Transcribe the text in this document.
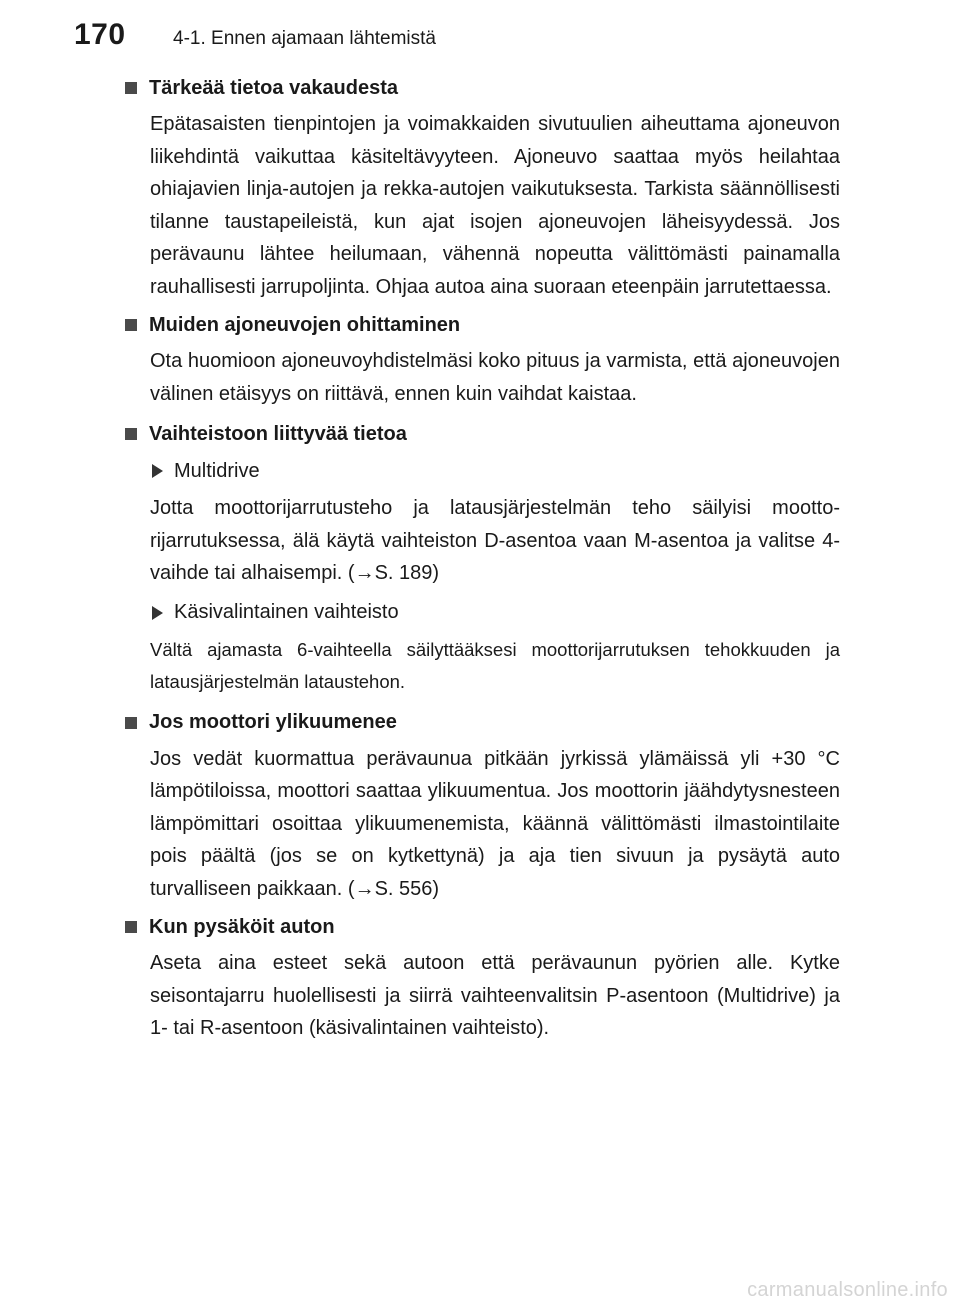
170 4-1. Ennen ajamaan lähtemistä
Tärkeää tietoa vakaudesta

Epätasaisten tienpintojen ja voimakkaiden sivutuulien aiheuttama ajoneuvon liikehdintä vaikuttaa käsiteltävyyteen. Ajoneuvo saattaa myös heilahtaa ohiajavien linja-autojen ja rekka-autojen vaikutuksesta. Tarkista säännöllisesti tilanne taustapeileistä, kun ajat isojen ajoneuvojen läheisyydessä. Jos perävaunu lähtee heilumaan, vähennä nopeutta välittömästi painamalla rauhallisesti jarrupoljinta. Ohjaa autoa aina suoraan eteenpäin jarrutettaessa.

Muiden ajoneuvojen ohittaminen

Ota huomioon ajoneuvoyhdistelmäsi koko pituus ja varmista, että ajoneuvojen välinen etäisyys on riittävä, ennen kuin vaihdat kaistaa.

Vaihteistoon liittyvää tietoa
Multidrive

Jotta moottorijarrutusteho ja latausjärjestelmän teho säilyisi moottorijarrutuksessa, älä käytä vaihteiston D-asentoa vaan M-asentoa ja valitse 4-vaihde tai alhaisempi. (→S. 189)

Käsivalintainen vaihteisto

Vältä ajamasta 6-vaihteella säilyttääksesi moottorijarrutuksen tehokkuuden ja latausjärjestelmän lataustehon.

Jos moottori ylikuumenee

Jos vedät kuormattua perävaunua pitkään jyrkissä ylämäissä yli +30 °C lämpötiloissa, moottori saattaa ylikuumentua. Jos moottorin jäähdytysnesteen lämpömittari osoittaa ylikuumenemista, käännä välittömästi ilmastointilaite pois päältä (jos se on kytkettynä) ja aja tien sivuun ja pysäytä auto turvalliseen paikkaan. (→S. 556)

Kun pysäköit auton

Aseta aina esteet sekä autoon että perävaunun pyörien alle. Kytke seisontajarru huolellisesti ja siirrä vaihteenvalitsin P-asentoon (Multidrive) ja 1- tai R-asentoon (käsivalintainen vaihteisto).

carmanualsonline.info
